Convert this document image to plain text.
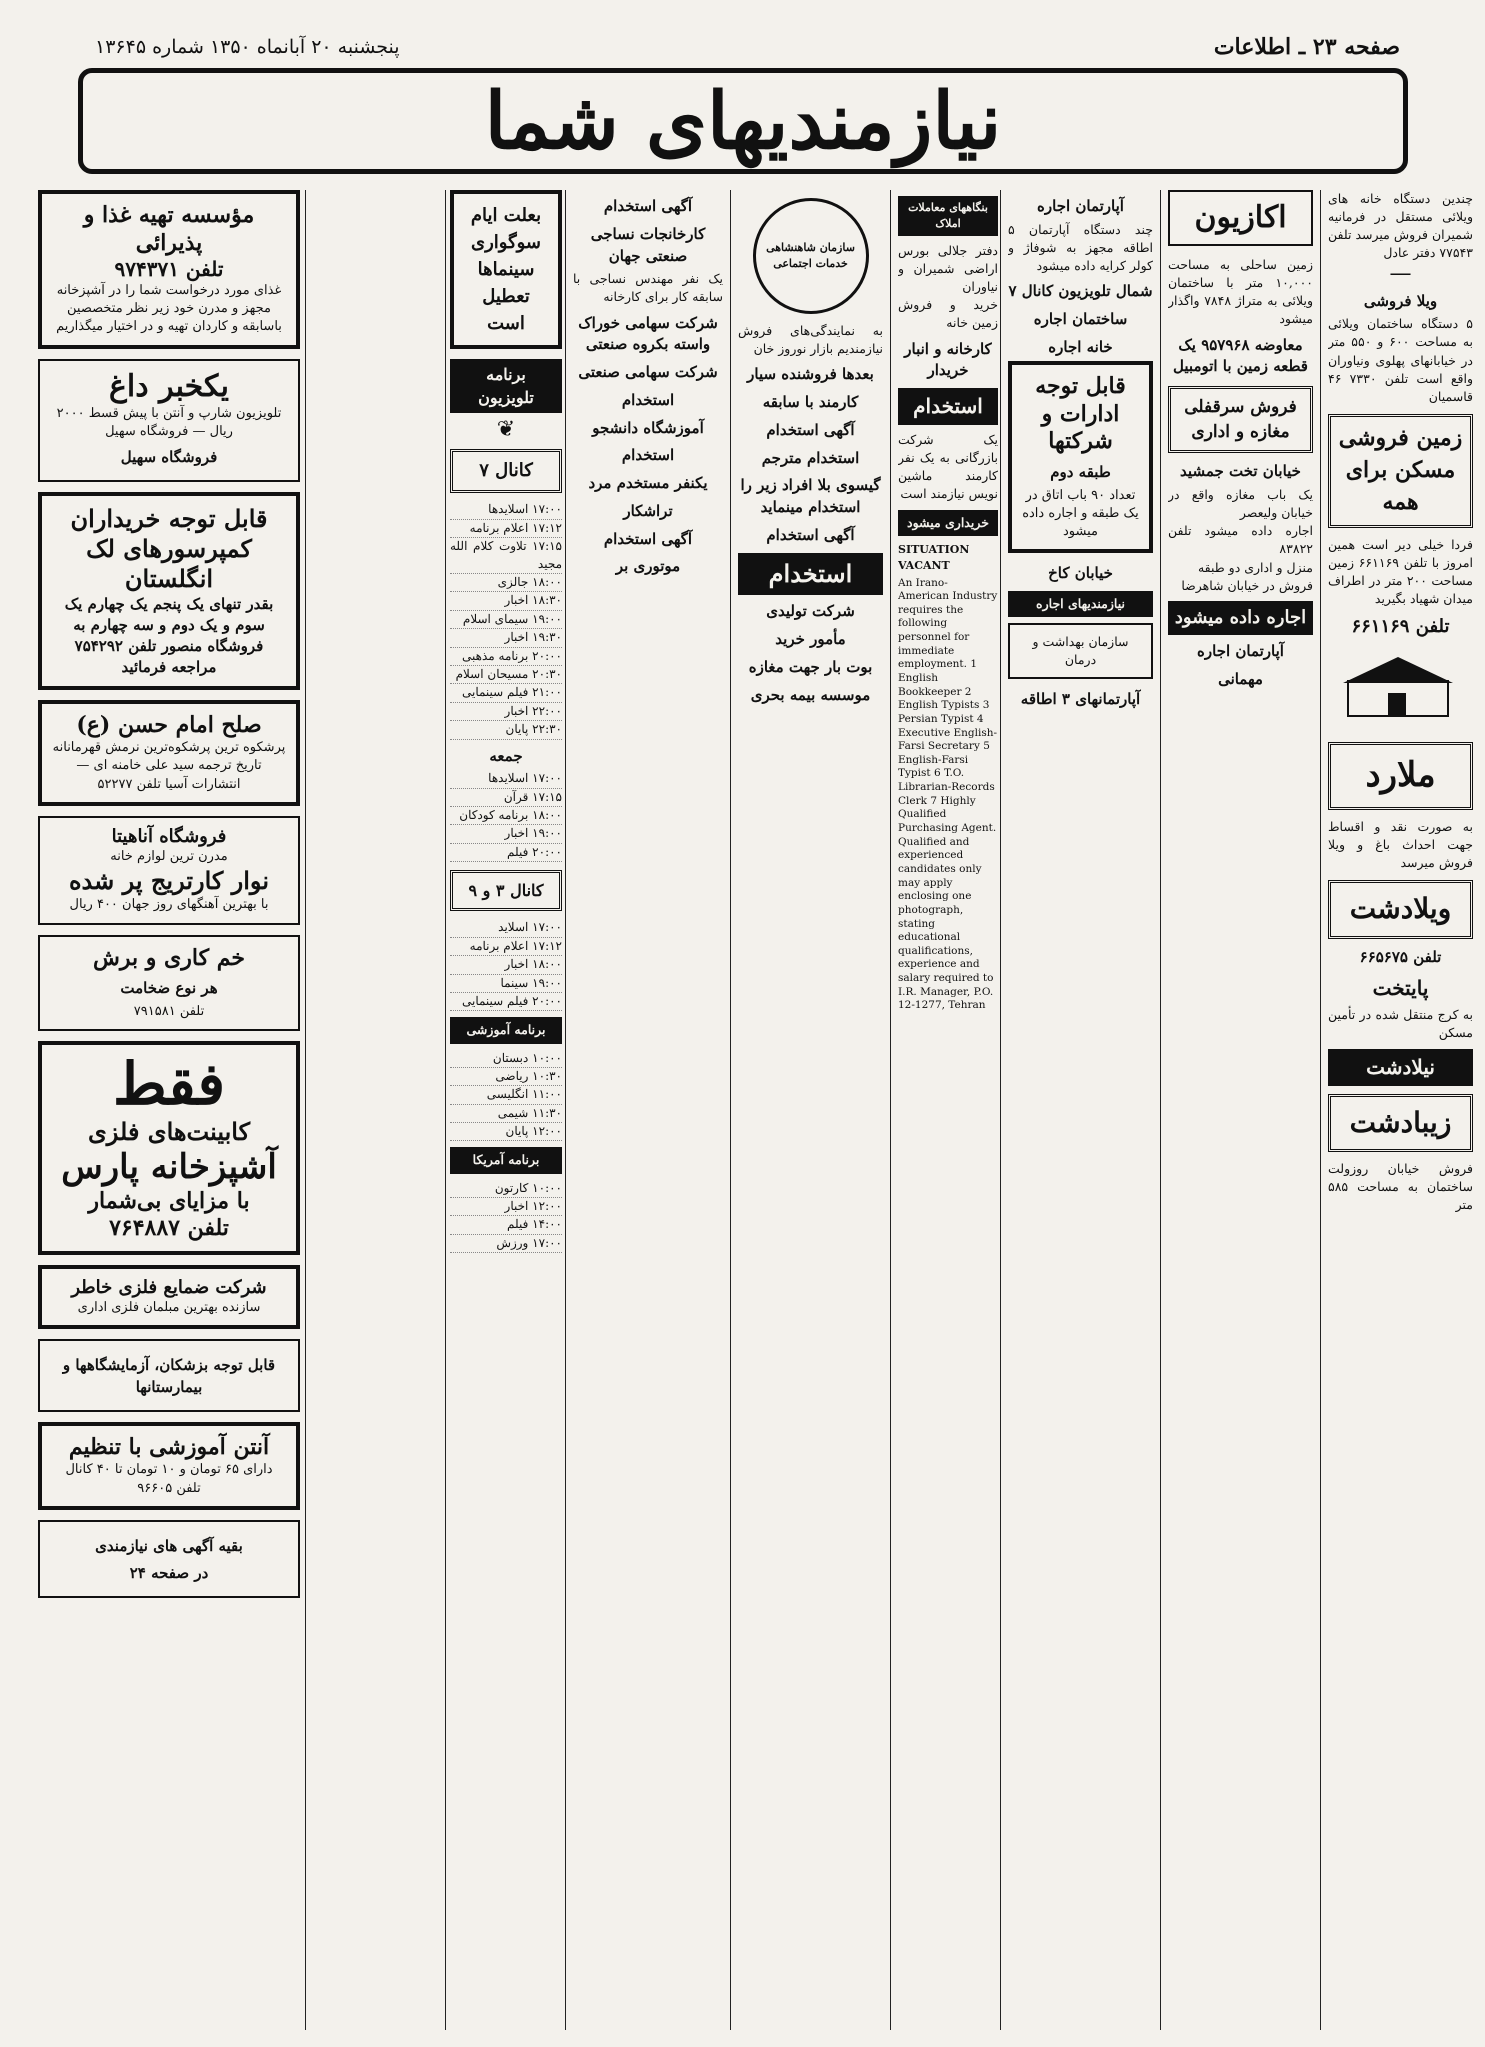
پنجشنبه ۲۰ آبانماه ۱۳۵۰ شماره ۱۳۶۴۵	صفحه ۲۳ ـ اطلاعات
نیازمندیهای شما
چندین دستگاه خانه های ویلائی مستقل در فرمانیه شمیران فروش میرسد تلفن ۷۷۵۴۳ دفتر عادل
—
ویلا فروشی
۵ دستگاه ساختمان ویلائی به مساحت ۶۰۰ و ۵۵۰ متر در خیابانهای پهلوی ونیاوران واقع است تلفن ۷۳۳۰ ۴۶ قاسمیان
زمین فروشی مسکن برای همه
فردا خیلی دیر است همین امروز با تلفن ۶۶۱۱۶۹ زمین مساحت ۲۰۰ متر در اطراف میدان شهیاد بگیرید
تلفن ۶۶۱۱۶۹
ملارد
به صورت نقد و اقساط جهت احداث باغ و ویلا فروش میرسد
ویلادشت
تلفن ۶۶۵۶۷۵
پایتخت
به کرج منتقل شده در تأمین مسکن
نیلادشت
زیبادشت
فروش خیابان روزولت ساختمان به مساحت ۵۸۵ متر
اکازیون
زمین ساحلی به مساحت ۱۰,۰۰۰ متر با ساختمان ویلائی به متراژ ۷۸۴۸ واگذار میشود
معاوضه ۹۵۷۹۶۸ یک قطعه زمین با اتومبیل
فروش سرقفلی مغازه و اداری
خیابان تخت جمشید
یک باب مغازه واقع در خیابان ولیعصر
اجاره داده میشود تلفن ۸۳۸۲۲
منزل و اداری دو طبقه
فروش در خیابان شاهرضا
اجاره داده میشود
آپارتمان اجاره
مهمانی
آپارتمان اجاره
چند دستگاه آپارتمان ۵ اطاقه مجهز به شوفاژ و کولر کرایه داده میشود
شمال تلویزیون کانال ۷
ساختمان اجاره
خانه اجاره
قابل توجه ادارات و شرکتها
طبقه دوم
تعداد ۹۰ باب اتاق در یک طبقه و اجاره داده میشود
خیابان کاخ
نیازمندیهای اجاره
سازمان بهداشت و درمان
آپارتمانهای ۳ اطاقه
بنگاههای معاملات املاک
دفتر جلالی بورس اراضی شمیران و نیاوران
خرید و فروش زمین خانه
کارخانه و انبار خریدار
استخدام
یک شرکت بازرگانی به یک نفر کارمند ماشین نویس نیازمند است
خریداری میشود
SITUATION VACANT
An Irano-American Industry requires the following personnel for immediate employment. 1 English Bookkeeper 2 English Typists 3 Persian Typist 4 Executive English-Farsi Secretary 5 English-Farsi Typist 6 T.O. Librarian-Records Clerk 7 Highly Qualified Purchasing Agent. Qualified and experienced candidates only may apply enclosing one photograph, stating educational qualifications, experience and salary required to I.R. Manager, P.O. 12-1277, Tehran
سازمان شاهنشاهی خدمات اجتماعی
به نمایندگی‌های فروش نیازمندیم بازار نوروز خان
بعدها فروشنده‌ سیار
کارمند با سابقه
آگهی استخدام
استخدام مترجم
گیسوی بلا افراد زیر را استخدام مینماید
آگهی استخدام
استخدام
شرکت تولیدی
مأمور خرید
بوت بار جهت مغازه
موسسه بیمه بحری
آگهی استخدام
کارخانجات نساجی صنعتی جهان
یک نفر مهندس نساجی با سابقه کار برای کارخانه
شرکت سهامی خوراک واسته بکروه صنعتی
شرکت سهامی صنعتی
استخدام
آموزشگاه دانشجو
استخدام
یکنفر مستخدم مرد
تراشکار
آگهی استخدام
موتوری بر
بعلت ایام سوگواری سینماها تعطیل است
برنامه تلویزیون
❦
کانال ۷
۱۷:۰۰ اسلایدها
۱۷:۱۲ اعلام برنامه
۱۷:۱۵ تلاوت کلام الله مجید
۱۸:۰۰ جالزی
۱۸:۳۰ اخبار
۱۹:۰۰ سیمای اسلام
۱۹:۳۰ اخبار
۲۰:۰۰ برنامه مذهبی
۲۰:۳۰ مسیحان اسلام
۲۱:۰۰ فیلم سینمایی
۲۲:۰۰ اخبار
۲۲:۳۰ پایان
جمعه
۱۷:۰۰ اسلایدها
۱۷:۱۵ قرآن
۱۸:۰۰ برنامه کودکان
۱۹:۰۰ اخبار
۲۰:۰۰ فیلم
کانال ۳ و ۹
۱۷:۰۰ اسلاید
۱۷:۱۲ اعلام برنامه
۱۸:۰۰ اخبار
۱۹:۰۰ سینما
۲۰:۰۰ فیلم سینمایی
برنامه آموزشی
۱۰:۰۰ دبستان
۱۰:۳۰ ریاضی
۱۱:۰۰ انگلیسی
۱۱:۳۰ شیمی
۱۲:۰۰ پایان
برنامه آمریکا
۱۰:۰۰ کارتون
۱۲:۰۰ اخبار
۱۴:۰۰ فیلم
۱۷:۰۰ ورزش
مؤسسه تهیه غذا و پذیرائی
تلفن ۹۷۴۳۷۱
غذای مورد درخواست شما را در آشپزخانه مجهز و مدرن خود زیر نظر متخصصین باسابقه و کاردان تهیه و در اختیار میگذاریم
یکخبر داغ
تلویزیون شارپ و آنتن با پیش قسط ۲۰۰۰ ریال — فروشگاه سهیل
فروشگاه سهیل
قابل توجه خریداران کمپرسورهای لک انگلستان
بقدر تنهای یک پنجم یک چهارم یک سوم و یک دوم و سه چهارم به فروشگاه منصور تلفن ۷۵۴۲۹۲ مراجعه فرمائید
صلح امام حسن (ع)
پرشکوه ترین پرشکوه‌ترین نرمش قهرمانانه تاریخ ترجمه سید علی خامنه ای — انتشارات آسیا تلفن ۵۲۲۷۷
فروشگاه آناهیتا
مدرن ترین لوازم خانه
نوار کارتریج پر شده
با بهترین آهنگهای روز جهان ۴۰۰ ریال
خم کاری و برش
هر نوع ضخامت
تلفن ۷۹۱۵۸۱
فقط
کابینت‌های فلزی
آشپزخانه پارس
با مزایای بی‌شمار
تلفن ۷۶۴۸۸۷
شرکت ضمایع فلزی خاطر
سازنده بهترین مبلمان فلزی اداری
قابل توجه بزشکان، آزمایشگاهها و بیمارستانها
آنتن آموزشی با تنظیم
دارای ۶۵ تومان و ۱۰ تومان تا ۴۰ کانال تلفن ۹۶۶۰۵
بقیه آگهی های نیازمندی
در صفحه ۲۴
